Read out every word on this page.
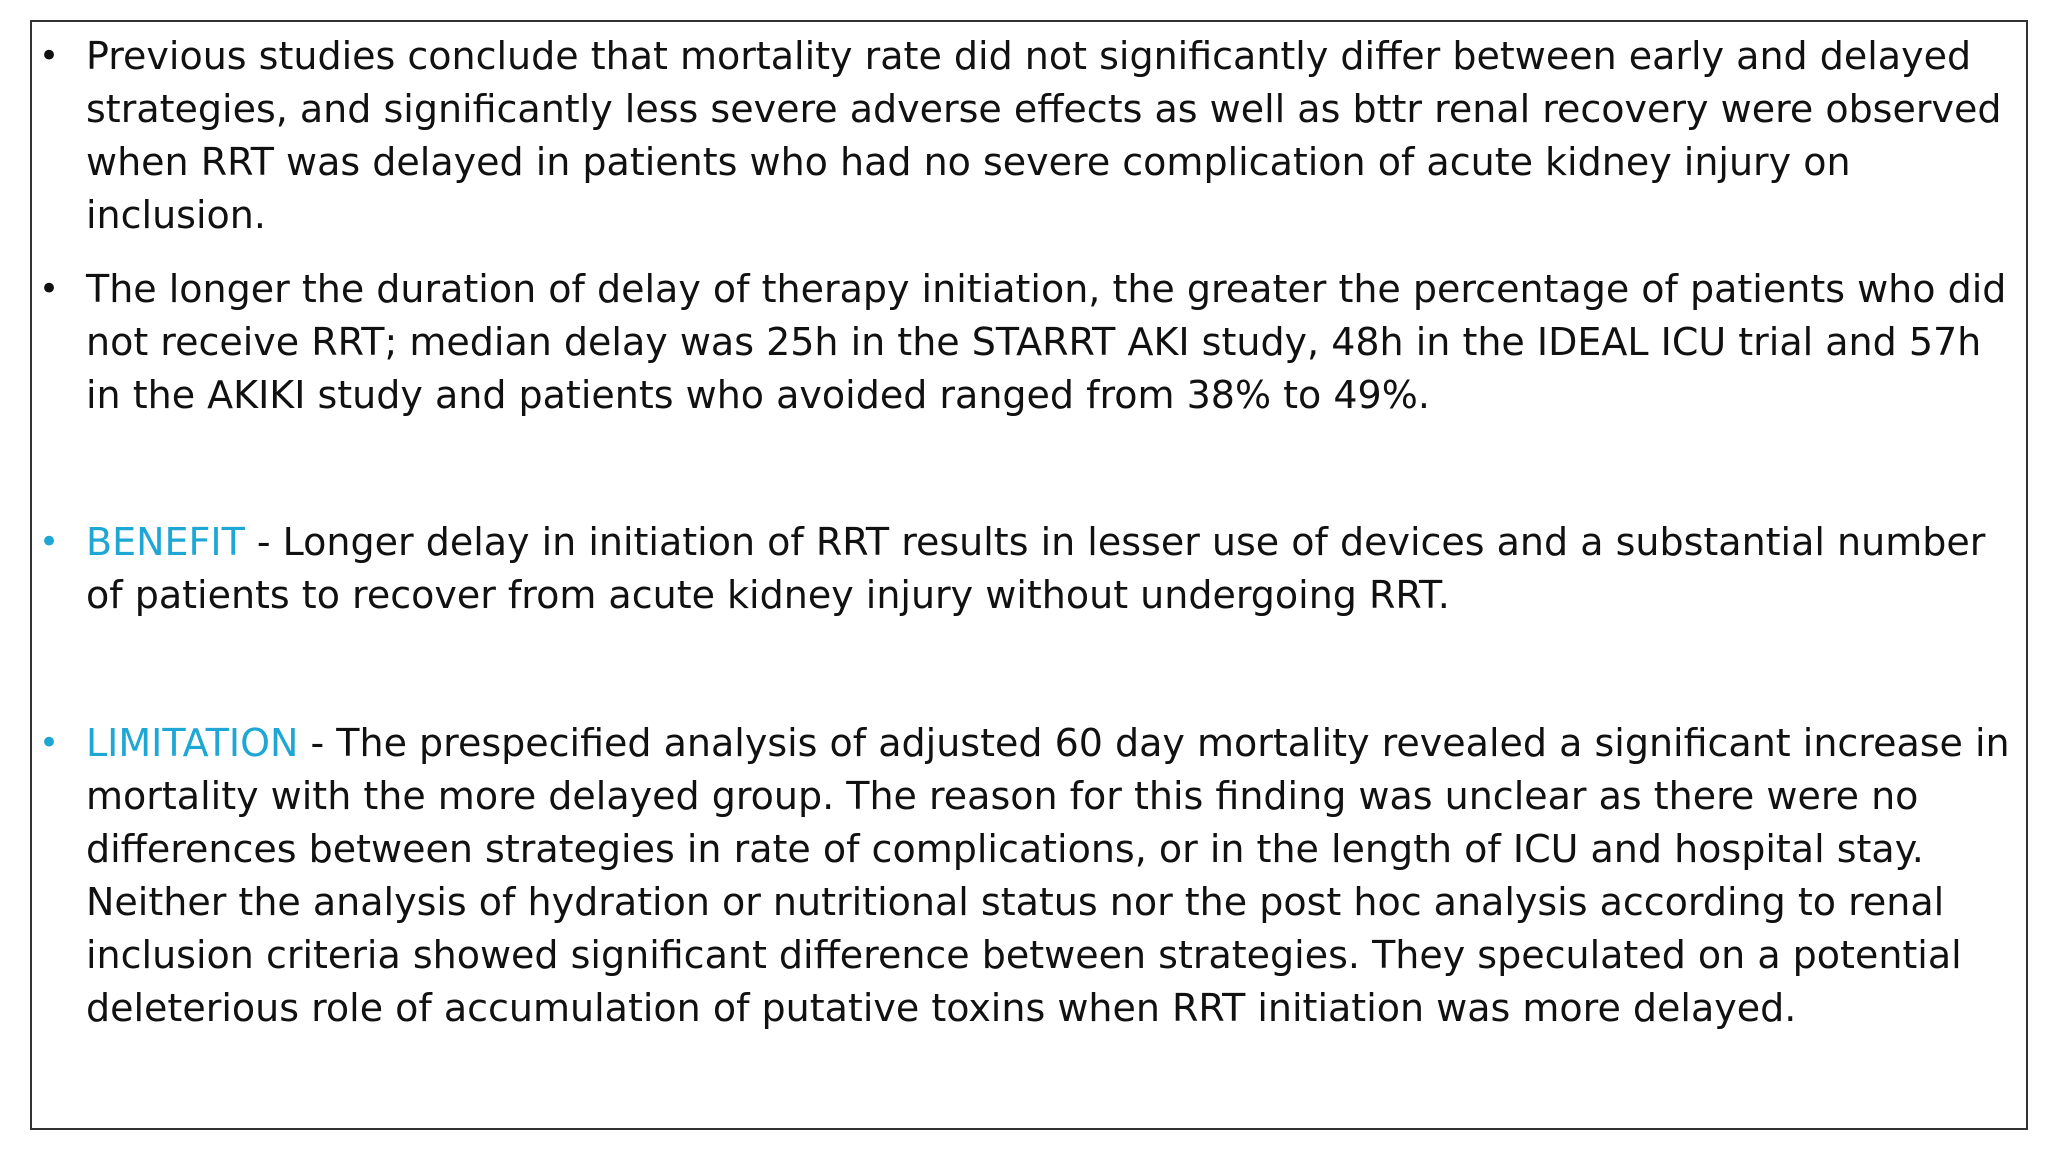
• Previous studies conclude that mortality rate did not significantly differ between early and delayed strategies, and significantly less severe adverse effects as well as bttr renal recovery were observed when RRT was delayed in patients who had no severe complication of acute kidney injury on inclusion.
• The longer the duration of delay of therapy initiation, the greater the percentage of patients who did not receive RRT; median delay was 25h in the STARRT AKI study, 48h in the IDEAL ICU trial and 57h in the AKIKI study and patients who avoided ranged from 38% to 49%.
• BENEFIT - Longer delay in initiation of RRT results in lesser use of devices and a substantial number of patients to recover from acute kidney injury without undergoing RRT.
• LIMITATION - The prespecified analysis of adjusted 60 day mortality revealed a significant increase in mortality with the more delayed group. The reason for this finding was unclear as there were no differences between strategies in rate of complications, or in the length of ICU and hospital stay. Neither the analysis of hydration or nutritional status nor the post hoc analysis according to renal inclusion criteria showed significant difference between strategies. They speculated on a potential deleterious role of accumulation of putative toxins when RRT initiation was more delayed.
